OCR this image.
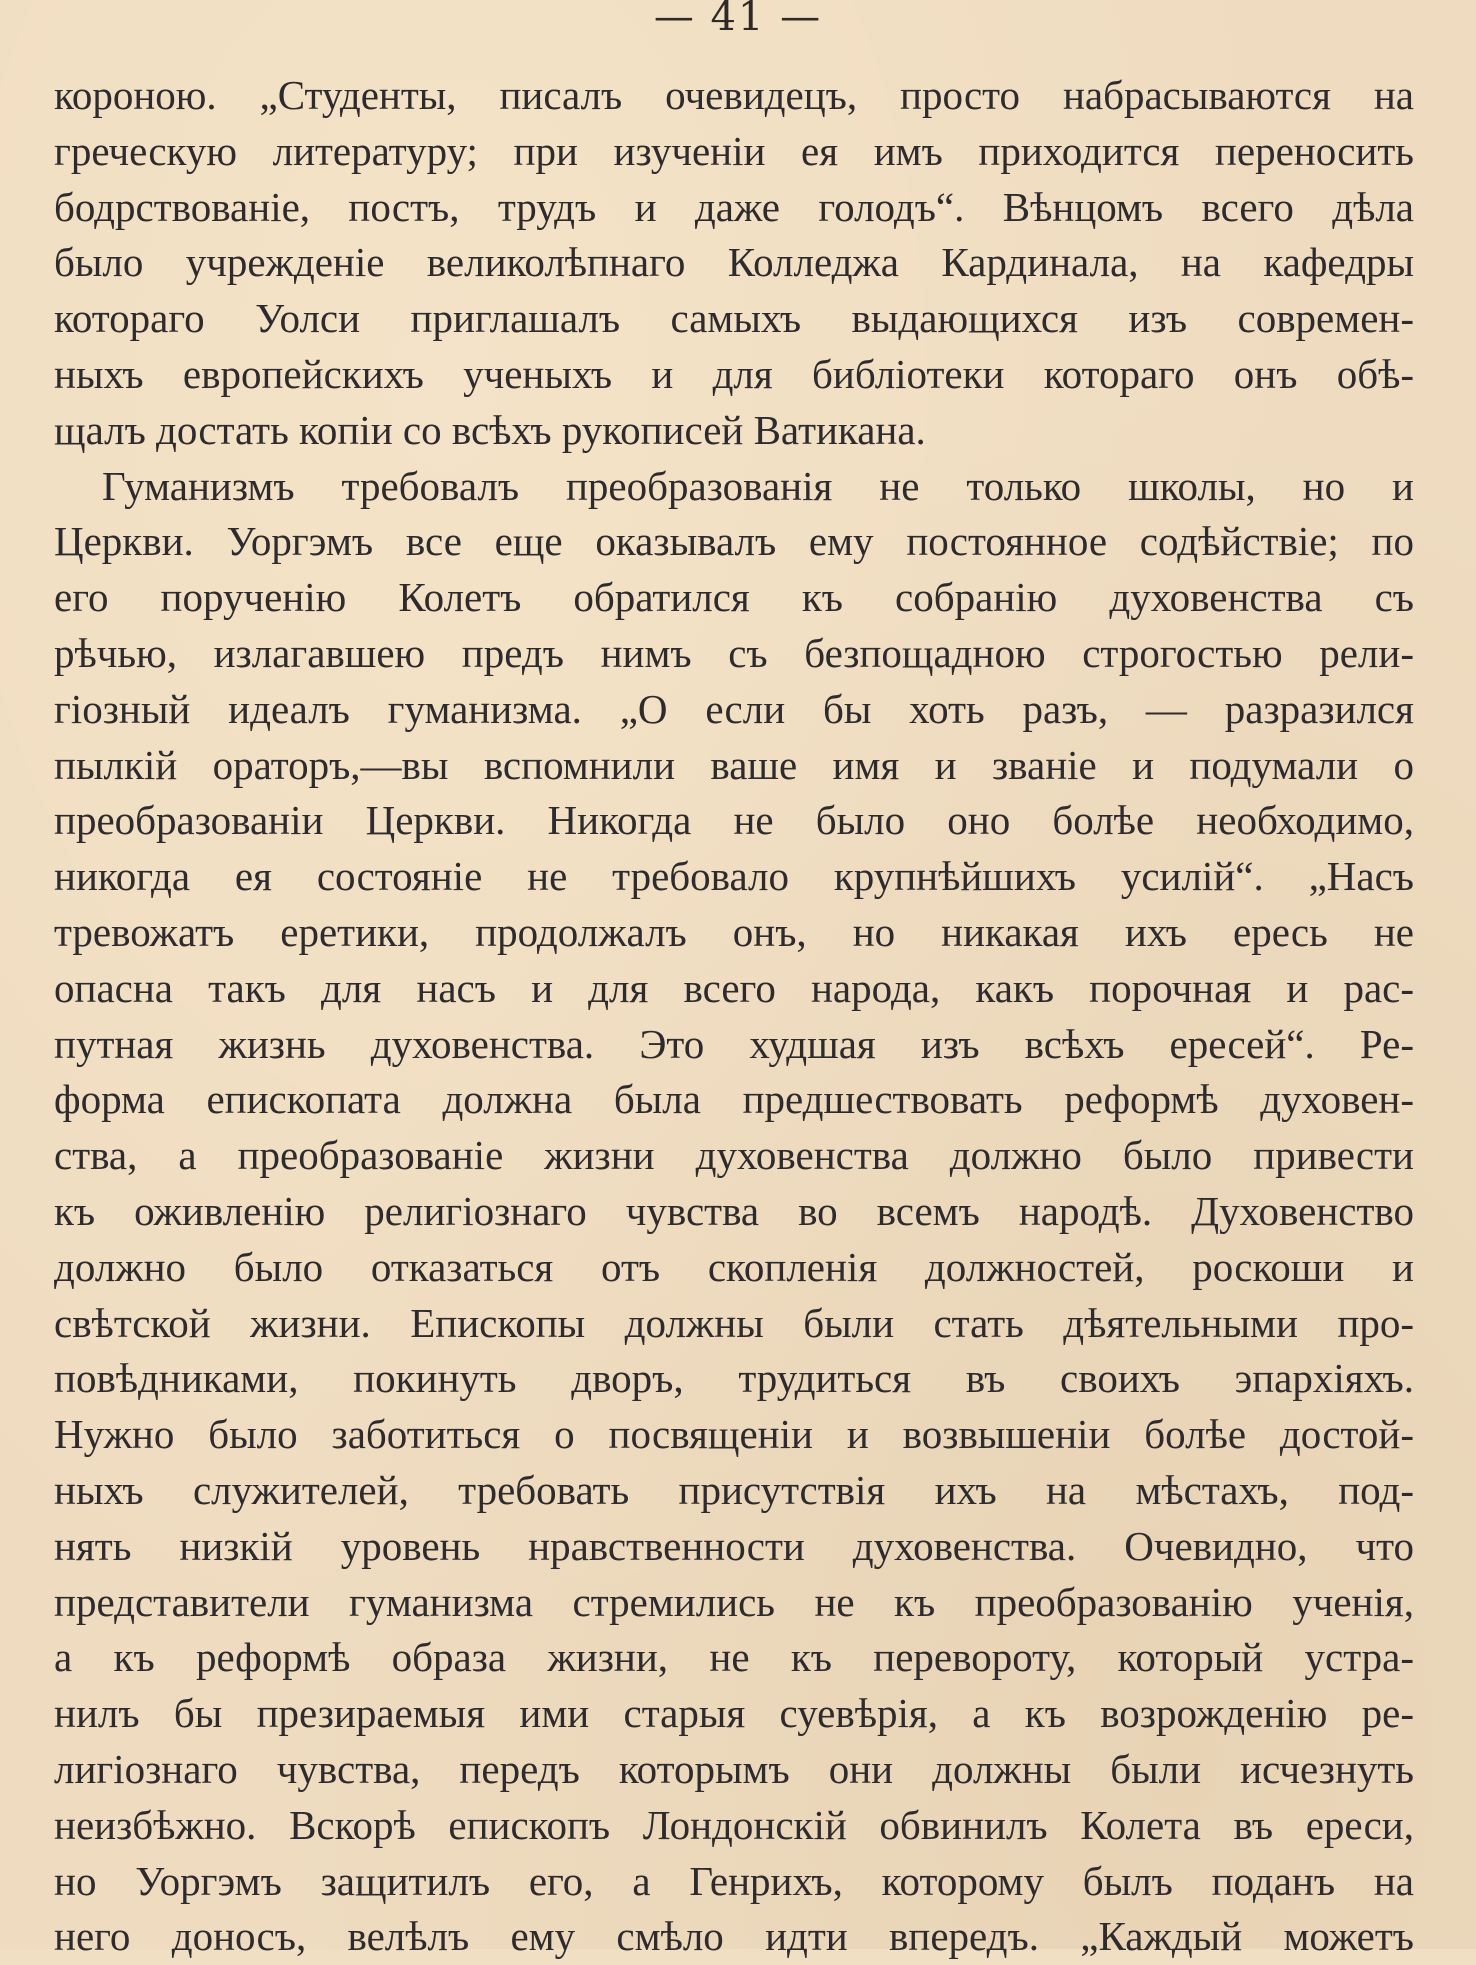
— 41 —
короною. „Студенты, писалъ очевидецъ, просто набрасываются на
греческую литературу; при изученіи ея имъ приходится переносить
бодрствованіе, постъ, трудъ и даже голодъ“. Вѣнцомъ всего дѣла
было учрежденіе великолѣпнаго Колледжа Кардинала, на кафедры
котораго Уолси приглашалъ самыхъ выдающихся изъ современ-
ныхъ европейскихъ ученыхъ и для библіотеки котораго онъ обѣ-
щалъ достать копіи со всѣхъ рукописей Ватикана.
Гуманизмъ требовалъ преобразованія не только школы, но и
Церкви. Уоргэмъ все еще оказывалъ ему постоянное содѣйствіе; по
его порученію Колетъ обратился къ собранію духовенства съ
рѣчью, излагавшею предъ нимъ съ безпощадною строгостью рели-
гіозный идеалъ гуманизма. „О если бы хоть разъ, — разразился
пылкій ораторъ,—вы вспомнили ваше имя и званіе и подумали о
преобразованіи Церкви. Никогда не было оно болѣе необходимо,
никогда ея состояніе не требовало крупнѣйшихъ усилій“. „Насъ
тревожатъ еретики, продолжалъ онъ, но никакая ихъ ересь не
опасна такъ для насъ и для всего народа, какъ порочная и рас-
путная жизнь духовенства. Это худшая изъ всѣхъ ересей“. Ре-
форма епископата должна была предшествовать реформѣ духовен-
ства, а преобразованіе жизни духовенства должно было привести
къ оживленію религіознаго чувства во всемъ народѣ. Духовенство
должно было отказаться отъ скопленія должностей, роскоши и
свѣтской жизни. Епископы должны были стать дѣятельными про-
повѣдниками, покинуть дворъ, трудиться въ своихъ эпархіяхъ.
Нужно было заботиться о посвященіи и возвышеніи болѣе достой-
ныхъ служителей, требовать присутствія ихъ на мѣстахъ, под-
нять низкій уровень нравственности духовенства. Очевидно, что
представители гуманизма стремились не къ преобразованію ученія,
а къ реформѣ образа жизни, не къ перевороту, который устра-
нилъ бы презираемыя ими старыя суевѣрія, а къ возрожденію ре-
лигіознаго чувства, передъ которымъ они должны были исчезнуть
неизбѣжно. Вскорѣ епископъ Лондонскій обвинилъ Колета въ ереси,
но Уоргэмъ защитилъ его, а Генрихъ, которому былъ поданъ на
него доносъ, велѣлъ ему смѣло идти впередъ. „Каждый можетъ
